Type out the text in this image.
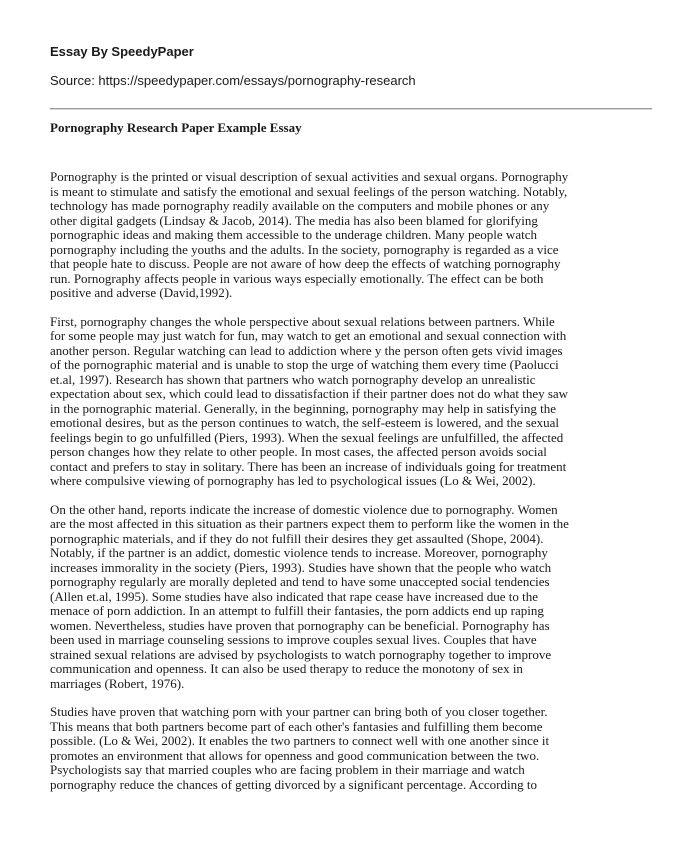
Essay By SpeedyPaper
Source: https://speedypaper.com/essays/pornography-research
Pornography Research Paper Example Essay

Pornography is the printed or visual description of sexual activities and sexual organs. Pornography
is meant to stimulate and satisfy the emotional and sexual feelings of the person watching. Notably,
technology has made pornography readily available on the computers and mobile phones or any
other digital gadgets (Lindsay & Jacob, 2014). The media has also been blamed for glorifying
pornographic ideas and making them accessible to the underage children. Many people watch
pornography including the youths and the adults. In the society, pornography is regarded as a vice
that people hate to discuss. People are not aware of how deep the effects of watching pornography
run. Pornography affects people in various ways especially emotionally. The effect can be both
positive and adverse (David,1992).

First, pornography changes the whole perspective about sexual relations between partners. While
for some people may just watch for fun, may watch to get an emotional and sexual connection with
another person. Regular watching can lead to addiction where y the person often gets vivid images
of the pornographic material and is unable to stop the urge of watching them every time (Paolucci
et.al, 1997). Research has shown that partners who watch pornography develop an unrealistic
expectation about sex, which could lead to dissatisfaction if their partner does not do what they saw
in the pornographic material. Generally, in the beginning, pornography may help in satisfying the
emotional desires, but as the person continues to watch, the self-esteem is lowered, and the sexual
feelings begin to go unfulfilled (Piers, 1993). When the sexual feelings are unfulfilled, the affected
person changes how they relate to other people. In most cases, the affected person avoids social
contact and prefers to stay in solitary. There has been an increase of individuals going for treatment
where compulsive viewing of pornography has led to psychological issues (Lo & Wei, 2002).

On the other hand, reports indicate the increase of domestic violence due to pornography. Women
are the most affected in this situation as their partners expect them to perform like the women in the
pornographic materials, and if they do not fulfill their desires they get assaulted (Shope, 2004).
Notably, if the partner is an addict, domestic violence tends to increase. Moreover, pornography
increases immorality in the society (Piers, 1993). Studies have shown that the people who watch
pornography regularly are morally depleted and tend to have some unaccepted social tendencies
(Allen et.al, 1995). Some studies have also indicated that rape cease have increased due to the
menace of porn addiction. In an attempt to fulfill their fantasies, the porn addicts end up raping
women. Nevertheless, studies have proven that pornography can be beneficial. Pornography has
been used in marriage counseling sessions to improve couples sexual lives. Couples that have
strained sexual relations are advised by psychologists to watch pornography together to improve
communication and openness. It can also be used therapy to reduce the monotony of sex in
marriages (Robert, 1976).

Studies have proven that watching porn with your partner can bring both of you closer together.
This means that both partners become part of each other's fantasies and fulfilling them become
possible. (Lo & Wei, 2002). It enables the two partners to connect well with one another since it
promotes an environment that allows for openness and good communication between the two.
Psychologists say that married couples who are facing problem in their marriage and watch
pornography reduce the chances of getting divorced by a significant percentage. According to
